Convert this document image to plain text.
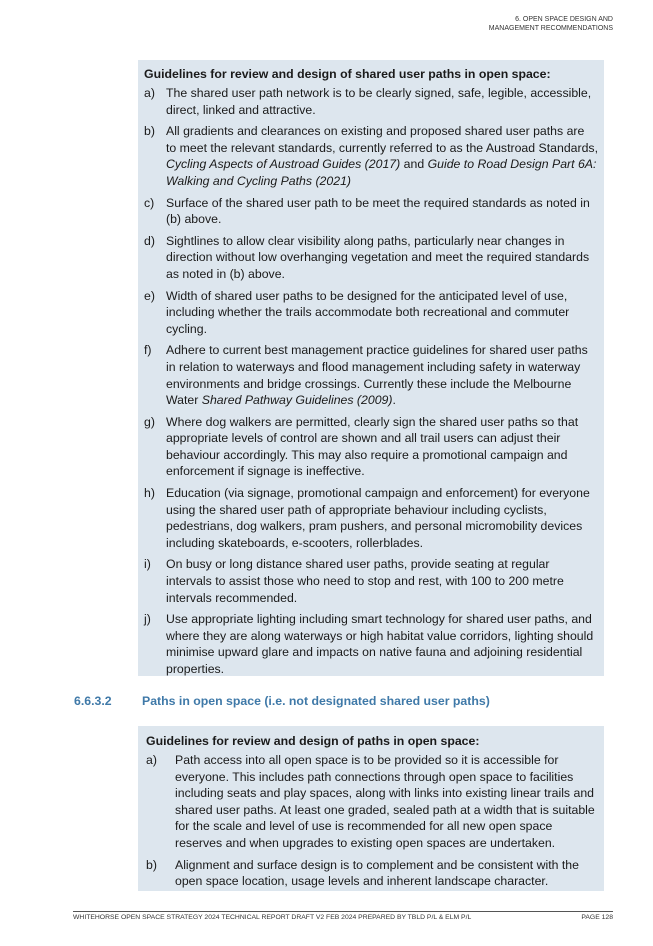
6. OPEN SPACE DESIGN AND
MANAGEMENT RECOMMENDATIONS
Guidelines for review and design of shared user paths in open space:
a) The shared user path network is to be clearly signed, safe, legible, accessible, direct, linked and attractive.
b) All gradients and clearances on existing and proposed shared user paths are to meet the relevant standards, currently referred to as the Austroad Standards, Cycling Aspects of Austroad Guides (2017) and Guide to Road Design Part 6A: Walking and Cycling Paths (2021)
c) Surface of the shared user path to be meet the required standards as noted in (b) above.
d) Sightlines to allow clear visibility along paths, particularly near changes in direction without low overhanging vegetation and meet the required standards as noted in (b) above.
e) Width of shared user paths to be designed for the anticipated level of use, including whether the trails accommodate both recreational and commuter cycling.
f)	Adhere to current best management practice guidelines for shared user paths in relation to waterways and flood management including safety in waterway environments and bridge crossings. Currently these include the Melbourne Water Shared Pathway Guidelines (2009).
g) Where dog walkers are permitted, clearly sign the shared user paths so that appropriate levels of control are shown and all trail users can adjust their behaviour accordingly. This may also require a promotional campaign and enforcement if signage is ineffective.
h) Education (via signage, promotional campaign and enforcement) for everyone using the shared user path of appropriate behaviour including cyclists, pedestrians, dog walkers, pram pushers, and personal micromobility devices including skateboards, e-scooters, rollerblades.
i)	On busy or long distance shared user paths, provide seating at regular intervals to assist those who need to stop and rest, with 100 to 200 metre intervals recommended.
j)	Use appropriate lighting including smart technology for shared user paths, and where they are along waterways or high habitat value corridors, lighting should minimise upward glare and impacts on native fauna and adjoining residential properties.
6.6.3.2 Paths in open space (i.e. not designated shared user paths)
Guidelines for review and design of paths in open space:
a)	Path access into all open space is to be provided so it is accessible for everyone. This includes path connections through open space to facilities including seats and play spaces, along with links into existing linear trails and shared user paths. At least one graded, sealed path at a width that is suitable for the scale and level of use is recommended for all new open space reserves and when upgrades to existing open spaces are undertaken.
b)	Alignment and surface design is to complement and be consistent with the open space location, usage levels and inherent landscape character.
WHITEHORSE OPEN SPACE STRATEGY 2024 TECHNICAL REPORT DRAFT V2 FEB 2024 PREPARED BY TBLD P/L & ELM P/L	PAGE 128
